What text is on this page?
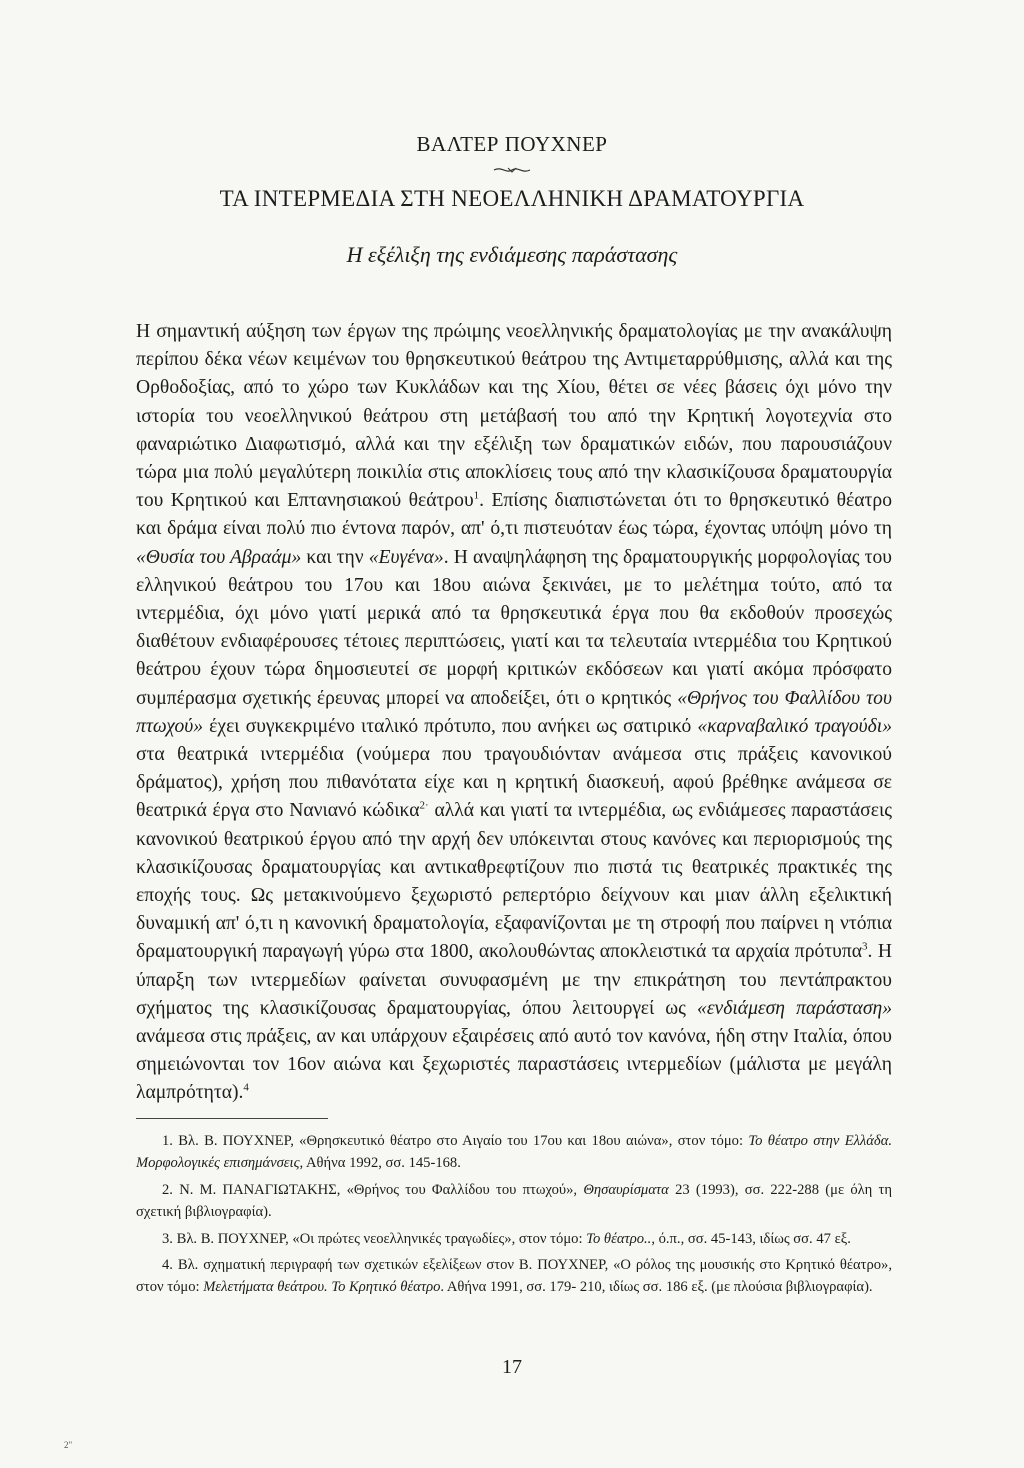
ΒΑΛΤΕΡ ΠΟΥΧΝΕΡ
ΤΑ ΙΝΤΕΡΜΕΔΙΑ ΣΤΗ ΝΕΟΕΛΛΗΝΙΚΗ ΔΡΑΜΑΤΟΥΡΓΙΑ
Η εξέλιξη της ενδιάμεσης παράστασης

Η σημαντική αύξηση των έργων της πρώιμης νεοελληνικής δραματολογίας με την ανακάλυψη περίπου δέκα νέων κειμένων του θρησκευτικού θεάτρου της Αντιμεταρρύθμισης, αλλά και της Ορθοδοξίας, από το χώρο των Κυκλάδων και της Χίου, θέτει σε νέες βάσεις όχι μόνο την ιστορία του νεοελληνικού θεάτρου στη μετάβασή του από την Κρητική λογοτεχνία στο φαναριώτικο Διαφωτισμό, αλλά και την εξέλιξη των δραματικών ειδών, που παρουσιάζουν τώρα μια πολύ μεγαλύτερη ποικιλία στις αποκλίσεις τους από την κλασικίζουσα δραματουργία του Κρητικού και Επτανησιακού θεάτρου$^1$. Επίσης διαπιστώνεται ότι το θρησκευτικό θέατρο και δράμα είναι πολύ πιο έντονα παρόν, απ' ό,τι πιστευόταν έως τώρα, έχοντας υπόψη μόνο τη «Θυσία του Αβραάμ» και την «Ευγένα». Η αναψηλάφηση της δραματουργικής μορφολογίας του ελληνικού θεάτρου του 17ου και 18ου αιώνα ξεκινάει, με το μελέτημα τούτο, από τα ιντερμέδια, όχι μόνο γιατί μερικά από τα θρησκευτικά έργα που θα εκδοθούν προσεχώς διαθέτουν ενδιαφέρουσες τέτοιες περιπτώσεις, γιατί και τα τελευταία ιντερμέδια του Κρητικού θεάτρου έχουν τώρα δημοσιευτεί σε μορφή κριτικών εκδόσεων και γιατί ακόμα πρόσφατο συμπέρασμα σχετικής έρευνας μπορεί να αποδείξει, ότι ο κρητικός «Θρήνος του Φαλλίδου του πτωχού» έχει συγκεκριμένο ιταλικό πρότυπο, που ανήκει ως σατιρικό «καρναβαλικό τραγούδι» στα θεατρικά ιντερμέδια (νούμερα που τραγουδιόνταν ανάμεσα στις πράξεις κανονικού δράματος), χρήση που πιθανότατα είχε και η κρητική διασκευή, αφού βρέθηκε ανάμεσα σε θεατρικά έργα στο Νανιανό κώδικα$^{2\cdot}$ αλλά και γιατί τα ιντερμέδια, ως ενδιάμεσες παραστάσεις κανονικού θεατρικού έργου από την αρχή δεν υπόκεινται στους κανόνες και περιορισμούς της κλασικίζουσας δραματουργίας και αντικαθρεφτίζουν πιο πιστά τις θεατρικές πρακτικές της εποχής τους. Ως μετακινούμενο ξεχωριστό ρεπερτόριο δείχνουν και μιαν άλλη εξελικτική δυναμική απ' ό,τι η κανονική δραματολογία, εξαφανίζονται με τη στροφή που παίρνει η ντόπια δραματουργική παραγωγή γύρω στα 1800, ακολουθώντας αποκλειστικά τα αρχαία πρότυπα$^3$. Η ύπαρξη των ιντερμεδίων φαίνεται συνυφασμένη με την επικράτηση του πεντάπρακτου σχήματος της κλασικίζουσας δραματουργίας, όπου λειτουργεί ως «ενδιάμεση παράσταση» ανάμεσα στις πράξεις, αν και υπάρχουν εξαιρέσεις από αυτό τον κανόνα, ήδη στην Ιταλία, όπου σημειώνονται τον 16ον αιώνα και ξεχωριστές παραστάσεις ιντερμεδίων (μάλιστα με μεγάλη λαμπρότητα).$^4$

1. Βλ. Β. ΠΟΥΧΝΕΡ, «Θρησκευτικό θέατρο στο Αιγαίο του 17ου και 18ου αιώνα», στον τόμο: Το θέατρο στην Ελλάδα. Μορφολογικές επισημάνσεις, Αθήνα 1992, σσ. 145-168.

2. Ν. Μ. ΠΑΝΑΓΙΩΤΑΚΗΣ, «Θρήνος του Φαλλίδου του πτωχού», Θησαυρίσματα 23 (1993), σσ. 222-288 (με όλη τη σχετική βιβλιογραφία).

3. Βλ. Β. ΠΟΥΧΝΕΡ, «Οι πρώτες νεοελληνικές τραγωδίες», στον τόμο: Το θέατρο.., ό.π., σσ. 45-143, ιδίως σσ. 47 εξ.

4. Βλ. σχηματική περιγραφή των σχετικών εξελίξεων στον Β. ΠΟΥΧΝΕΡ, «Ο ρόλος της μουσικής στο Κρητικό θέατρο», στον τόμο: Μελετήματα θεάτρου. Το Κρητικό θέατρο. Αθήνα 1991, σσ. 179- 210, ιδίως σσ. 186 εξ. (με πλούσια βιβλιογραφία).

17
2"
